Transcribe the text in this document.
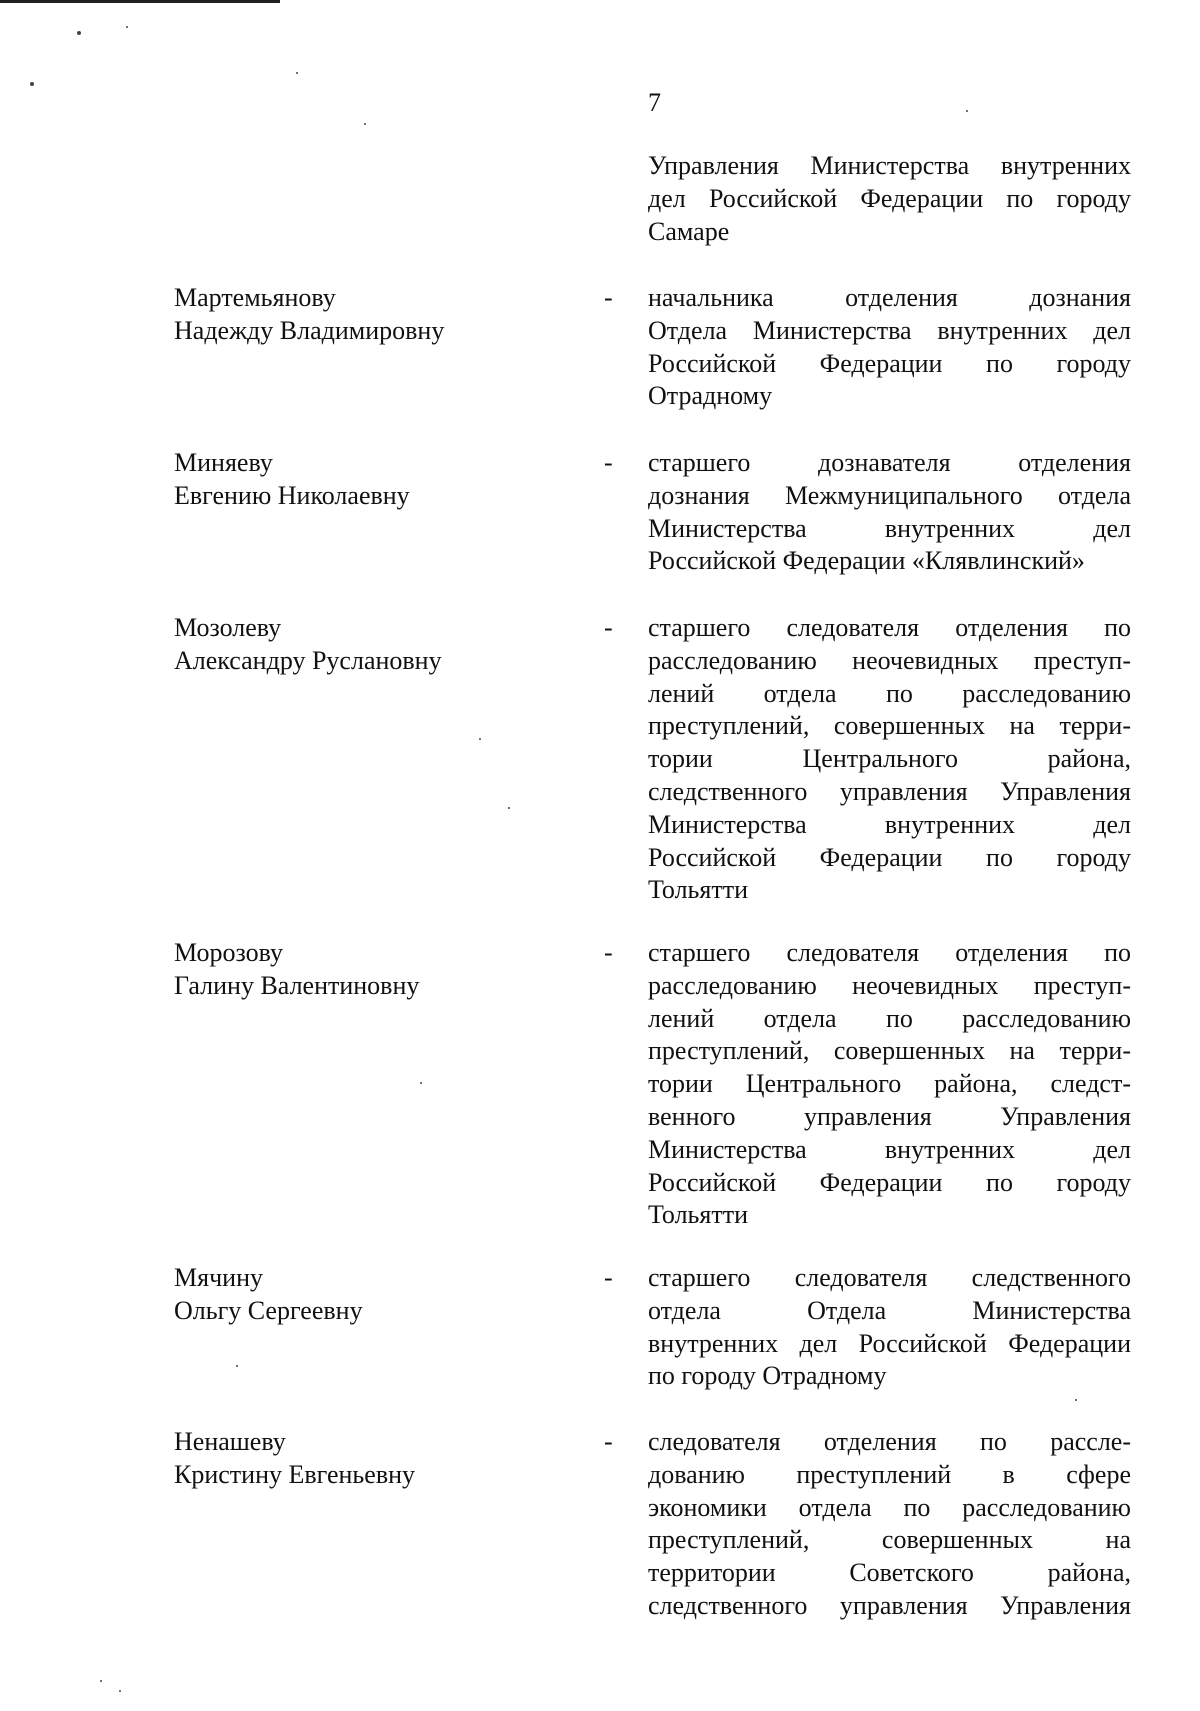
7
Управления Министерства внутренних
дел Российской Федерации по городу
Самаре
Мартемьянову
Надежду Владимировну
- начальника отделения дознания
Отдела Министерства внутренних дел
Российской Федерации по городу
Отрадному
Миняеву
Евгению Николаевну
- старшего дознавателя отделения
дознания Межмуниципального отдела
Министерства внутренних дел
Российской Федерации «Клявлинский»
Мозолеву
Александру Руслановну
- старшего следователя отделения по
расследованию неочевидных преступ-
лений отдела по расследованию
преступлений, совершенных на терри-
тории Центрального района,
следственного управления Управления
Министерства внутренних дел
Российской Федерации по городу
Тольятти
Морозову
Галину Валентиновну
- старшего следователя отделения по
расследованию неочевидных преступ-
лений отдела по расследованию
преступлений, совершенных на терри-
тории Центрального района, следст-
венного управления Управления
Министерства внутренних дел
Российской Федерации по городу
Тольятти
Мячину
Ольгу Сергеевну
- старшего следователя следственного
отдела Отдела Министерства
внутренних дел Российской Федерации
по городу Отрадному
Ненашеву
Кристину Евгеньевну
- следователя отделения по рассле-
дованию преступлений в сфере
экономики отдела по расследованию
преступлений, совершенных на
территории Советского района,
следственного управления Управления
